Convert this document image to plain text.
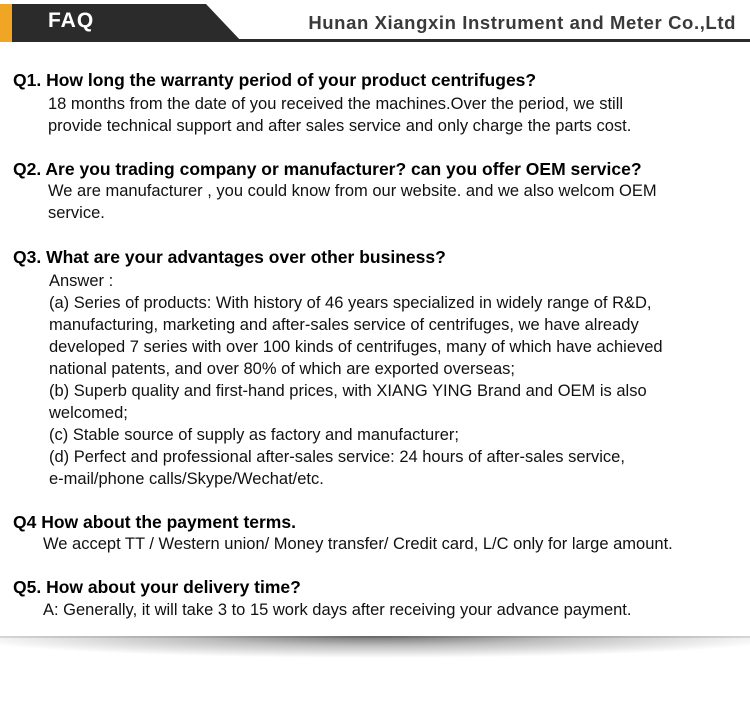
FAQ	Hunan Xiangxin Instrument and Meter Co.,Ltd
Q1. How long the warranty period of your product centrifuges?
18 months from the date of you received the machines.Over the period, we still
provide technical support and after sales service and only charge the parts cost.
Q2. Are you trading company or manufacturer? can you offer OEM service?
We are manufacturer , you could know from our website. and we also welcom OEM
service.
Q3. What are your advantages over other business?
Answer :
(a) Series of products: With history of 46 years specialized in widely range of R&D,
manufacturing, marketing and after-sales service of centrifuges, we have already
developed 7 series with over 100 kinds of centrifuges, many of which have achieved
national patents, and over 80% of which are exported overseas;
(b) Superb quality and first-hand prices, with XIANG YING Brand and OEM is also
welcomed;
(c) Stable source of supply as factory and manufacturer;
(d) Perfect and professional after-sales service: 24 hours of after-sales service,
e-mail/phone calls/Skype/Wechat/etc.
Q4 How about the payment terms.
We accept TT / Western union/ Money transfer/ Credit card, L/C only for large amount.
Q5. How about your delivery time?
A: Generally, it will take 3 to 15 work days after receiving your advance payment.
